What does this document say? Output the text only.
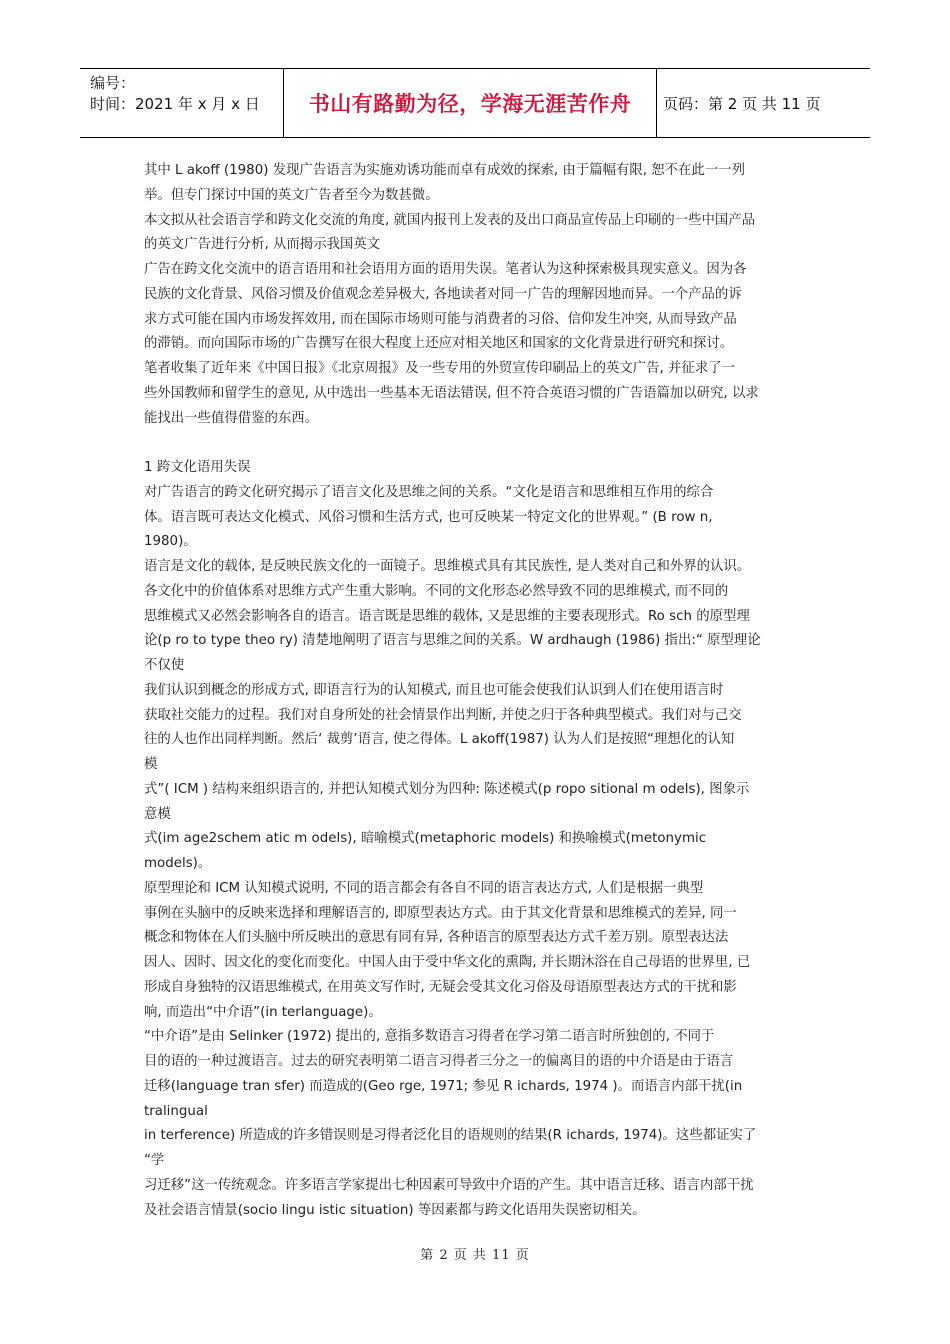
编号：
时间：2021 年 x 月 x 日	书山有路勤为径，学海无涯苦作舟	页码：第 2 页 共 11 页
其中 L akoff (1980) 发现广告语言为实施劝诱功能而卓有成效的探索, 由于篇幅有限, 恕不在此一一列
举。但专门探讨中国的英文广告者至今为数甚微。
本文拟从社会语言学和跨文化交流的角度, 就国内报刊上发表的及出口商品宣传品上印刷的一些中国产品
的英文广告进行分析, 从而揭示我国英文
广告在跨文化交流中的语言语用和社会语用方面的语用失误。笔者认为这种探索极具现实意义。因为各
民族的文化背景、风俗习惯及价值观念差异极大, 各地读者对同一广告的理解因地而异。一个产品的诉
求方式可能在国内市场发挥效用, 而在国际市场则可能与消费者的习俗、信仰发生冲突, 从而导致产品
的滞销。而向国际市场的广告撰写在很大程度上还应对相关地区和国家的文化背景进行研究和探讨。
笔者收集了近年来《中国日报》《北京周报》及一些专用的外贸宣传印刷品上的英文广告, 并征求了一
些外国教师和留学生的意见, 从中选出一些基本无语法错误, 但不符合英语习惯的广告语篇加以研究, 以求
能找出一些值得借鉴的东西。
1 跨文化语用失误
对广告语言的跨文化研究揭示了语言文化及思维之间的关系。“文化是语言和思维相互作用的综合
体。语言既可表达文化模式、风俗习惯和生活方式, 也可反映某一特定文化的世界观。” (B row n,
1980)。
语言是文化的载体, 是反映民族文化的一面镜子。思维模式具有其民族性, 是人类对自己和外界的认识。
各文化中的价值体系对思维方式产生重大影响。不同的文化形态必然导致不同的思维模式, 而不同的
思维模式又必然会影响各自的语言。语言既是思维的载体, 又是思维的主要表现形式。Ro sch 的原型理
论(p ro to type theo ry) 清楚地阐明了语言与思维之间的关系。W ardhaugh (1986) 指出:“ 原型理论
不仅使
我们认识到概念的形成方式, 即语言行为的认知模式, 而且也可能会使我们认识到人们在使用语言时
获取社交能力的过程。我们对自身所处的社会情景作出判断, 并使之归于各种典型模式。我们对与己交
往的人也作出同样判断。然后‘ 裁剪’语言, 使之得体。L akoff(1987) 认为人们是按照“理想化的认知
模
式”( ICM ) 结构来组织语言的, 并把认知模式划分为四种: 陈述模式(p ropo sitional m odels), 图象示
意模
式(im age2schem atic m odels), 暗喻模式(metaphoric models) 和换喻模式(metonymic
models)。
原型理论和 ICM 认知模式说明, 不同的语言都会有各自不同的语言表达方式, 人们是根据一典型
事例在头脑中的反映来选择和理解语言的, 即原型表达方式。由于其文化背景和思维模式的差异, 同一
概念和物体在人们头脑中所反映出的意思有同有异, 各种语言的原型表达方式千差万别。原型表达法
因人、因时、因文化的变化而变化。中国人由于受中华文化的熏陶, 并长期沐浴在自己母语的世界里, 已
形成自身独特的汉语思维模式, 在用英文写作时, 无疑会受其文化习俗及母语原型表达方式的干扰和影
响, 而造出“中介语”(in terlanguage)。
“中介语”是由 Selinker (1972) 提出的, 意指多数语言习得者在学习第二语言时所独创的, 不同于
目的语的一种过渡语言。过去的研究表明第二语言习得者三分之一的偏离目的语的中介语是由于语言
迁移(language tran sfer) 而造成的(Geo rge, 1971; 参见 R ichards, 1974 )。而语言内部干扰(in
tralingual
in terference) 所造成的许多错误则是习得者泛化目的语规则的结果(R ichards, 1974)。这些都证实了
“学
习迁移”这一传统观念。许多语言学家提出七种因素可导致中介语的产生。其中语言迁移、语言内部干扰
及社会语言情景(socio lingu istic situation) 等因素都与跨文化语用失误密切相关。
第 2 页 共 11 页
